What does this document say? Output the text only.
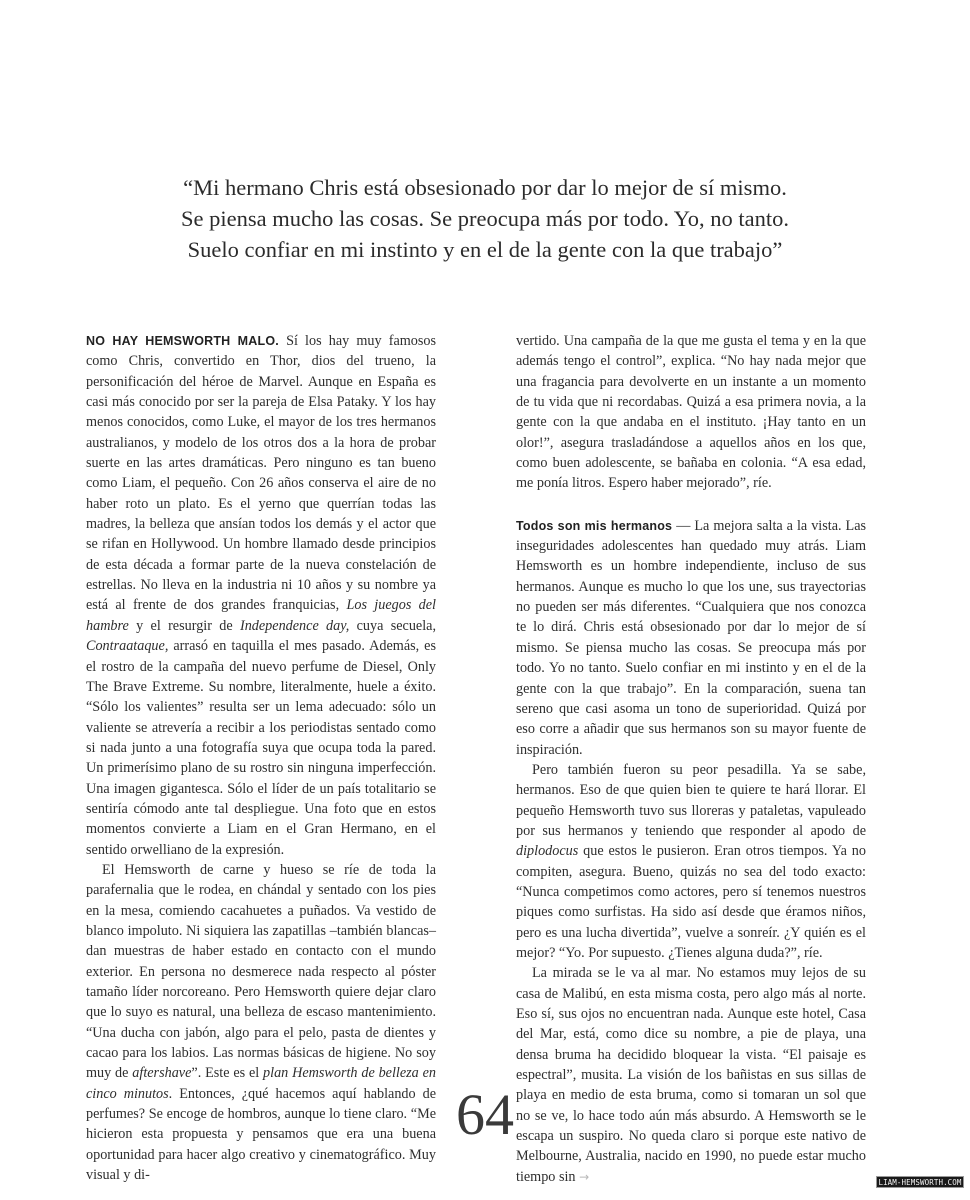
“Mi hermano Chris está obsesionado por dar lo mejor de sí mismo.
Se piensa mucho las cosas. Se preocupa más por todo. Yo, no tanto.
Suelo confiar en mi instinto y en el de la gente con la que trabajo”

NO HAY HEMSWORTH MALO. Sí los hay muy famosos como Chris, convertido en Thor, dios del trueno, la personificación del héroe de Marvel. Aunque en España es casi más conocido por ser la pareja de Elsa Pataky. Y los hay menos conocidos, como Luke, el mayor de los tres hermanos australianos, y modelo de los otros dos a la hora de probar suerte en las artes dramáticas. Pero ninguno es tan bueno como Liam, el pequeño. Con 26 años conserva el aire de no haber roto un plato. Es el yerno que querrían todas las madres, la belleza que ansían todos los demás y el actor que se rifan en Hollywood. Un hombre llamado desde principios de esta década a formar parte de la nueva constelación de estrellas. No lleva en la industria ni 10 años y su nombre ya está al frente de dos grandes franquicias, Los juegos del hambre y el resurgir de Independence day, cuya secuela, Contraataque, arrasó en taquilla el mes pasado. Además, es el rostro de la campaña del nuevo perfume de Diesel, Only The Brave Extreme. Su nombre, literalmente, huele a éxito. “Sólo los valientes” resulta ser un lema adecuado: sólo un valiente se atrevería a recibir a los periodistas sentado como si nada junto a una fotografía suya que ocupa toda la pared. Un primerísimo plano de su rostro sin ninguna imperfección. Una imagen gigantesca. Sólo el líder de un país totalitario se sentiría cómodo ante tal despliegue. Una foto que en estos momentos convierte a Liam en el Gran Hermano, en el sentido orwelliano de la expresión.

El Hemsworth de carne y hueso se ríe de toda la parafernalia que le rodea, en chándal y sentado con los pies en la mesa, comiendo cacahuetes a puñados. Va vestido de blanco impoluto. Ni siquiera las zapatillas –también blancas– dan muestras de haber estado en contacto con el mundo exterior. En persona no desmerece nada respecto al póster tamaño líder norcoreano. Pero Hemsworth quiere dejar claro que lo suyo es natural, una belleza de escaso mantenimiento. “Una ducha con jabón, algo para el pelo, pasta de dientes y cacao para los labios. Las normas básicas de higiene. No soy muy de aftershave”. Este es el plan Hemsworth de belleza en cinco minutos. Entonces, ¿qué hacemos aquí hablando de perfumes? Se encoge de hombros, aunque lo tiene claro. “Me hicieron esta propuesta y pensamos que era una buena oportunidad para hacer algo creativo y cinematográfico. Muy visual y di-

vertido. Una campaña de la que me gusta el tema y en la que además tengo el control”, explica. “No hay nada mejor que una fragancia para devolverte en un instante a un momento de tu vida que ni recordabas. Quizá a esa primera novia, a la gente con la que andaba en el instituto. ¡Hay tanto en un olor!”, asegura trasladándose a aquellos años en los que, como buen adolescente, se bañaba en colonia. “A esa edad, me ponía litros. Espero haber mejorado”, ríe.

Todos son mis hermanos — La mejora salta a la vista. Las inseguridades adolescentes han quedado muy atrás. Liam Hemsworth es un hombre independiente, incluso de sus hermanos. Aunque es mucho lo que los une, sus trayectorias no pueden ser más diferentes. “Cualquiera que nos conozca te lo dirá. Chris está obsesionado por dar lo mejor de sí mismo. Se piensa mucho las cosas. Se preocupa más por todo. Yo no tanto. Suelo confiar en mi instinto y en el de la gente con la que trabajo”. En la comparación, suena tan sereno que casi asoma un tono de superioridad. Quizá por eso corre a añadir que sus hermanos son su mayor fuente de inspiración.

Pero también fueron su peor pesadilla. Ya se sabe, hermanos. Eso de que quien bien te quiere te hará llorar. El pequeño Hemsworth tuvo sus lloreras y pataletas, vapuleado por sus hermanos y teniendo que responder al apodo de diplodocus que estos le pusieron. Eran otros tiempos. Ya no compiten, asegura. Bueno, quizás no sea del todo exacto: “Nunca competimos como actores, pero sí tenemos nuestros piques como surfistas. Ha sido así desde que éramos niños, pero es una lucha divertida”, vuelve a sonreír. ¿Y quién es el mejor? “Yo. Por supuesto. ¿Tienes alguna duda?”, ríe.

La mirada se le va al mar. No estamos muy lejos de su casa de Malibú, en esta misma costa, pero algo más al norte. Eso sí, sus ojos no encuentran nada. Aunque este hotel, Casa del Mar, está, como dice su nombre, a pie de playa, una densa bruma ha decidido bloquear la vista. “El paisaje es espectral”, musita. La visión de los bañistas en sus sillas de playa en medio de esta bruma, como si tomaran un sol que no se ve, lo hace todo aún más absurdo. A Hemsworth se le escapa un suspiro. No queda claro si porque este nativo de Melbourne, Australia, nacido en 1990, no puede estar mucho tiempo sin →

64
LIAM-HEMSWORTH.COM
